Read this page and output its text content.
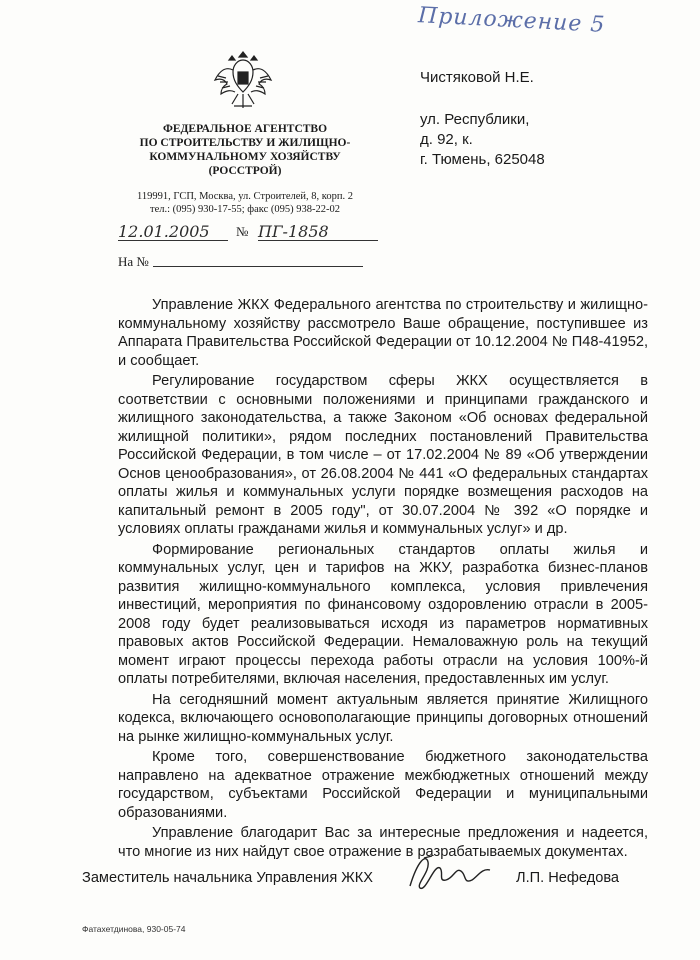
Приложение 5
ФЕДЕРАЛЬНОЕ АГЕНТСТВО
ПО СТРОИТЕЛЬСТВУ И ЖИЛИЩНО-
КОММУНАЛЬНОМУ ХОЗЯЙСТВУ
(РОССТРОЙ)
119991, ГСП, Москва, ул. Строителей, 8, корп. 2
тел.: (095) 930-17-55; факс (095) 938-22-02
12.01.2005 № ПГ-1858
На №
Чистяковой Н.Е.
ул. Республики,
д. 92, к.
г. Тюмень, 625048

Управление ЖКХ Федерального агентства по строительству и жилищно-коммунальному хозяйству рассмотрело Ваше обращение, поступившее из Аппарата Правительства Российской Федерации от 10.12.2004 № П48-41952, и сообщает.

Регулирование государством сферы ЖКХ осуществляется в соответствии с основными положениями и принципами гражданского и жилищного законодательства, а также Законом «Об основах федеральной жилищной политики», рядом последних постановлений Правительства Российской Федерации, в том числе – от 17.02.2004 № 89 «Об утверждении Основ ценообразования», от 26.08.2004 № 441 «О федеральных стандартах оплаты жилья и коммунальных услуги порядке возмещения расходов на капитальный ремонт в 2005 году", от 30.07.2004 № 392 «О порядке и условиях оплаты гражданами жилья и коммунальных услуг» и др.

Формирование региональных стандартов оплаты жилья и коммунальных услуг, цен и тарифов на ЖКУ, разработка бизнес-планов развития жилищно-коммунального комплекса, условия привлечения инвестиций, мероприятия по финансовому оздоровлению отрасли в 2005-2008 году будет реализовываться исходя из параметров нормативных правовых актов Российской Федерации. Немаловажную роль на текущий момент играют процессы перехода работы отрасли на условия 100%-й оплаты потребителями, включая населения, предоставленных им услуг.

На сегодняшний момент актуальным является принятие Жилищного кодекса, включающего основополагающие принципы договорных отношений на рынке жилищно-коммунальных услуг.

Кроме того, совершенствование бюджетного законодательства направлено на адекватное отражение межбюджетных отношений между государством, субъектами Российской Федерации и муниципальными образованиями.

Управление благодарит Вас за интересные предложения и надеется, что многие из них найдут свое отражение в разрабатываемых документах.

Заместитель начальника Управления ЖКХ	Л.П. Нефедова
Фатахетдинова, 930-05-74
